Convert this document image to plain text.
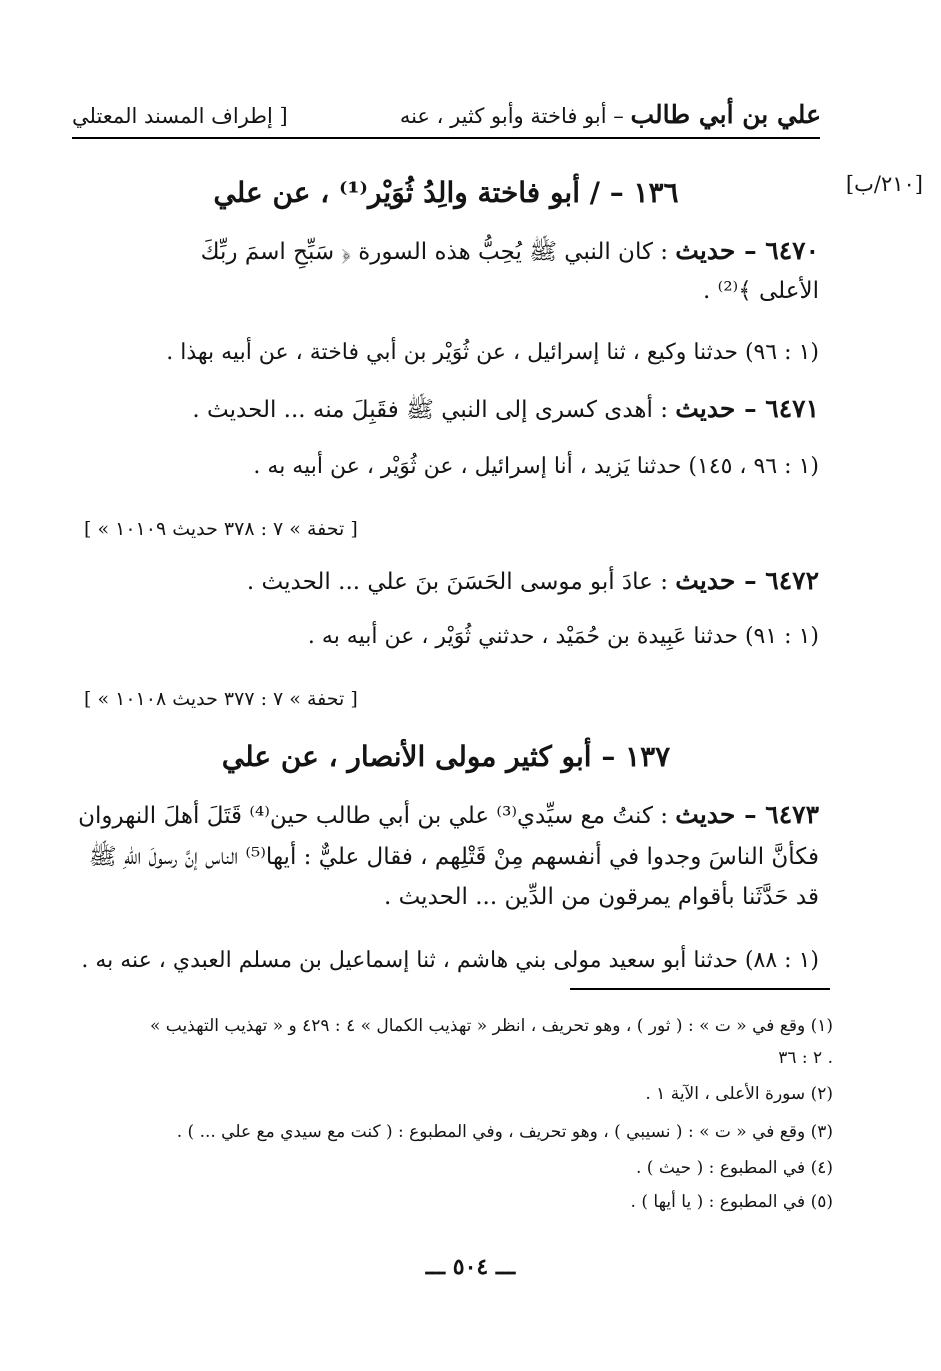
[ إطراف المسند المعتلي	علي بن أبي طالب – أبو فاختة وأبو كثير ، عنه
[٢١٠/ب]
١٣٦ – / أبو فاختة والِدُ ثُوَيْر⁽¹⁾ ، عن علي
٦٤٧٠ – حديث : كان النبي ﷺ يُحِبُّ هذه السورة ﴿ سَبِّحِ اسمَ ربِّكَ
الأعلى ﴾⁽²⁾ .
(١ : ٩٦) حدثنا وكيع ، ثنا إسرائيل ، عن ثُوَيْر بن أبي فاختة ، عن أبيه بهذا .
٦٤٧١ – حديث : أهدى كسرى إلى النبي ﷺ فقَبِلَ منه ... الحديث .
(١ : ٩٦ ، ١٤٥) حدثنا يَزيد ، أنا إسرائيل ، عن ثُوَيْر ، عن أبيه به .
[ « تحفة » ٧ : ٣٧٨ حديث ١٠١٠٩ ]
٦٤٧٢ – حديث : عادَ أبو موسى الحَسَنَ بنَ علي ... الحديث .
(١ : ٩١) حدثنا عَبِيدة بن حُمَيْد ، حدثني ثُوَيْر ، عن أبيه به .
[ « تحفة » ٧ : ٣٧٧ حديث ١٠١٠٨ ]
١٣٧ – أبو كثير مولى الأنصار ، عن علي
٦٤٧٣ – حديث : كنتُ مع سيِّدي⁽³⁾ علي بن أبي طالب حين⁽⁴⁾ قَتَلَ أهلَ النهروان
فكأنَّ الناسَ وجدوا في أنفسهم مِنْ قَتْلِهم ، فقال عليٌّ : أيها⁽⁵⁾ الناس إنَّ رسولَ اللهِ ﷺ
قد حَدَّثَنا بأقوام يمرقون من الدِّين ... الحديث .
(١ : ٨٨) حدثنا أبو سعيد مولى بني هاشم ، ثنا إسماعيل بن مسلم العبدي ، عنه به .
(١) وقع في « ت » : ( ثور ) ، وهو تحريف ، انظر « تهذيب الكمال » ٤ : ٤٢٩ و « تهذيب التهذيب »
٢ : ٣٦ .
(٢) سورة الأعلى ، الآية ١ .
(٣) وقع في « ت » : ( نسيبي ) ، وهو تحريف ، وفي المطبوع : ( كنت مع سيدي مع علي ... ) .
(٤) في المطبوع : ( حيث ) .
(٥) في المطبوع : ( يا أيها ) .
ـــ ٥٠٤ ـــ
